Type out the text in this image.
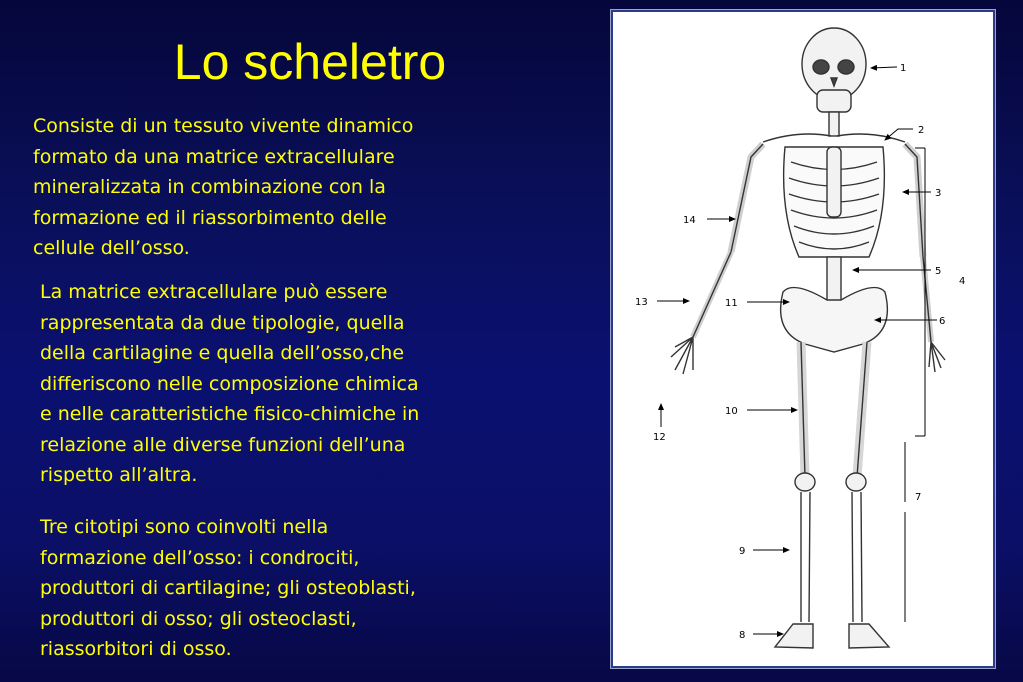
Lo scheletro
Consiste di un tessuto vivente dinamico
formato da una matrice extracellulare
mineralizzata in combinazione con la
formazione ed il riassorbimento delle
cellule dell’osso.
La matrice extracellulare può essere
rappresentata da due tipologie, quella
della cartilagine e quella dell’osso,che
differiscono nelle composizione chimica
e nelle caratteristiche fisico-chimiche in
relazione alle diverse funzioni dell’una
rispetto all’altra.
Tre citotipi sono coinvolti nella
formazione dell’osso: i condrociti,
produttori di cartilagine; gli osteoblasti,
produttori di osso; gli osteoclasti,
riassorbitori di osso.
1
2
3
5
4
6
7
9
8
10
11
12
13
14
